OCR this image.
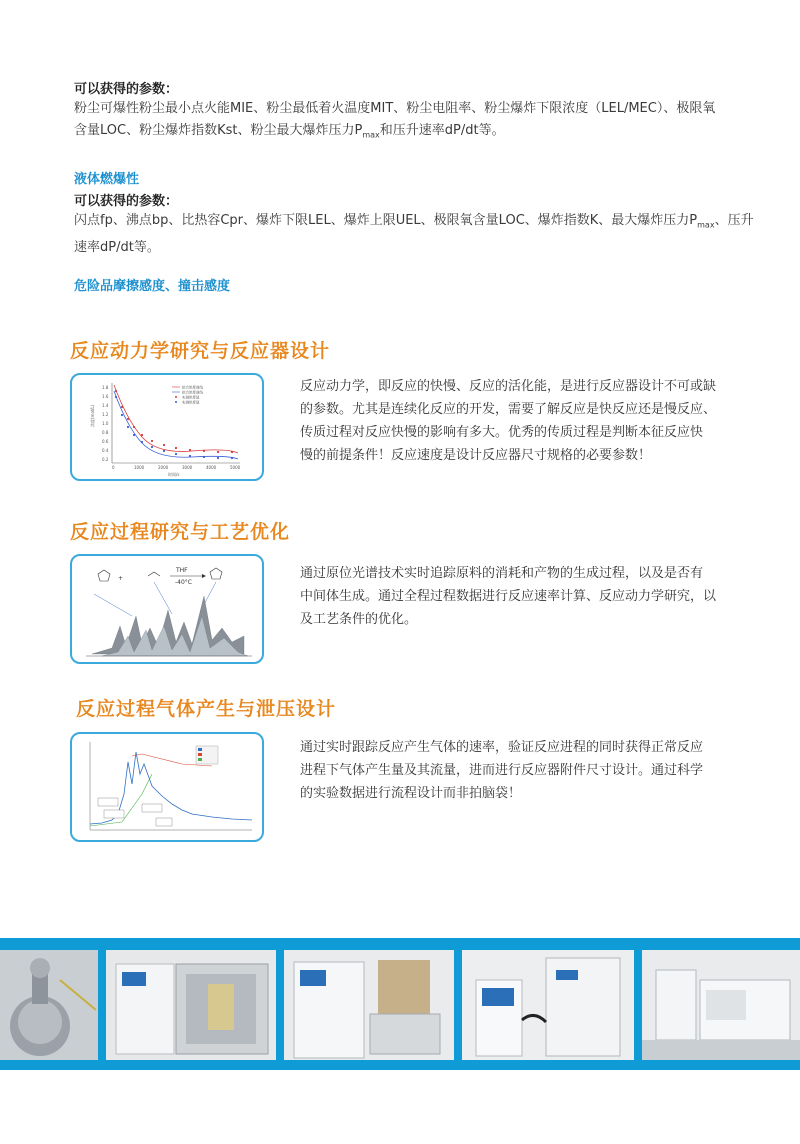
可以获得的参数：
粉尘可爆性粉尘最小点火能MIE、粉尘最低着火温度MIT、粉尘电阻率、粉尘爆炸下限浓度（LEL/MEC）、极限氧
含量LOC、粉尘爆炸指数Kst、粉尘最大爆炸压力$P_{max}$和压升速率dP/dt等。
液体燃爆性
可以获得的参数：
闪点fp、沸点bp、比热容Cpr、爆炸下限LEL、爆炸上限UEL、极限氧含量LOC、爆炸指数K、最大爆炸压力$P_{max}$、压升
速率dP/dt等。
危险品摩擦感度、撞击感度
反应动力学研究与反应器设计
0.2
0.4
0.6
0.8
1.0
1.2
1.4
1.6
1.8
0	1000	2000	3000	4000	5000
时间/s
浓度(mol/L)
拟合浓度曲线
拟合浓度曲线
实测浓度值
实测浓度值
反应动力学，即反应的快慢、反应的活化能，是进行反应器设计不可或缺
的参数。尤其是连续化反应的开发，需要了解反应是快反应还是慢反应、
传质过程对反应快慢的影响有多大。优秀的传质过程是判断本征反应快
慢的前提条件！反应速度是设计反应器尺寸规格的必要参数！
反应过程研究与工艺优化
+
THF
-40°C
通过原位光谱技术实时追踪原料的消耗和产物的生成过程，以及是否有
中间体生成。通过全程过程数据进行反应速率计算、反应动力学研究，以
及工艺条件的优化。
反应过程气体产生与泄压设计
通过实时跟踪反应产生气体的速率，验证反应进程的同时获得正常反应
进程下气体产生量及其流量，进而进行反应器附件尺寸设计。通过科学
的实验数据进行流程设计而非拍脑袋！
